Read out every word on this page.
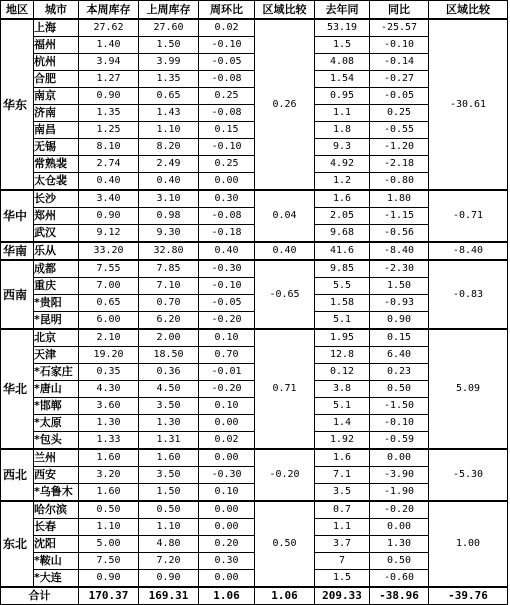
地区	城市	本周库存	上周库存	周环比	区域比较	去年同	同比	区域比较
华东	上海	27.62	27.60	0.02	0.26	53.19	-25.57	-30.61
	福州	1.40	1.50	-0.10		1.5	-0.10	
	杭州	3.94	3.99	-0.05		4.08	-0.14	
	合肥	1.27	1.35	-0.08		1.54	-0.27	
	南京	0.90	0.65	0.25		0.95	-0.05	
	济南	1.35	1.43	-0.08		1.1	0.25	
	南昌	1.25	1.10	0.15		1.8	-0.55	
	无锡	8.10	8.20	-0.10		9.3	-1.20	
	常熟裴	2.74	2.49	0.25		4.92	-2.18	
	太仓裴	0.40	0.40	0.00		1.2	-0.80	
华中	长沙	3.40	3.10	0.30	0.04	1.6	1.80	-0.71
	郑州	0.90	0.98	-0.08		2.05	-1.15	
	武汉	9.12	9.30	-0.18		9.68	-0.56	
华南	乐从	33.20	32.80	0.40	0.40	41.6	-8.40	-8.40
西南	成都	7.55	7.85	-0.30	-0.65	9.85	-2.30	-0.83
	重庆	7.00	7.10	-0.10		5.5	1.50	
	*贵阳	0.65	0.70	-0.05		1.58	-0.93	
	*昆明	6.00	6.20	-0.20		5.1	0.90	
华北	北京	2.10	2.00	0.10	0.71	1.95	0.15	5.09
	天津	19.20	18.50	0.70		12.8	6.40	
	*石家庄	0.35	0.36	-0.01		0.12	0.23	
	*唐山	4.30	4.50	-0.20		3.8	0.50	
	*邯郸	3.60	3.50	0.10		5.1	-1.50	
	*太原	1.30	1.30	0.00		1.4	-0.10	
	*包头	1.33	1.31	0.02		1.92	-0.59	
西北	兰州	1.60	1.60	0.00	-0.20	1.6	0.00	-5.30
	西安	3.20	3.50	-0.30		7.1	-3.90	
	*乌鲁木	1.60	1.50	0.10		3.5	-1.90	
东北	哈尔滨	0.50	0.50	0.00	0.50	0.7	-0.20	1.00
	长春	1.10	1.10	0.00		1.1	0.00	
	沈阳	5.00	4.80	0.20		3.7	1.30	
	*鞍山	7.50	7.20	0.30		7	0.50	
	*大连	0.90	0.90	0.00		1.5	-0.60	
合计		170.37	169.31	1.06	1.06	209.33	-38.96	-39.76
